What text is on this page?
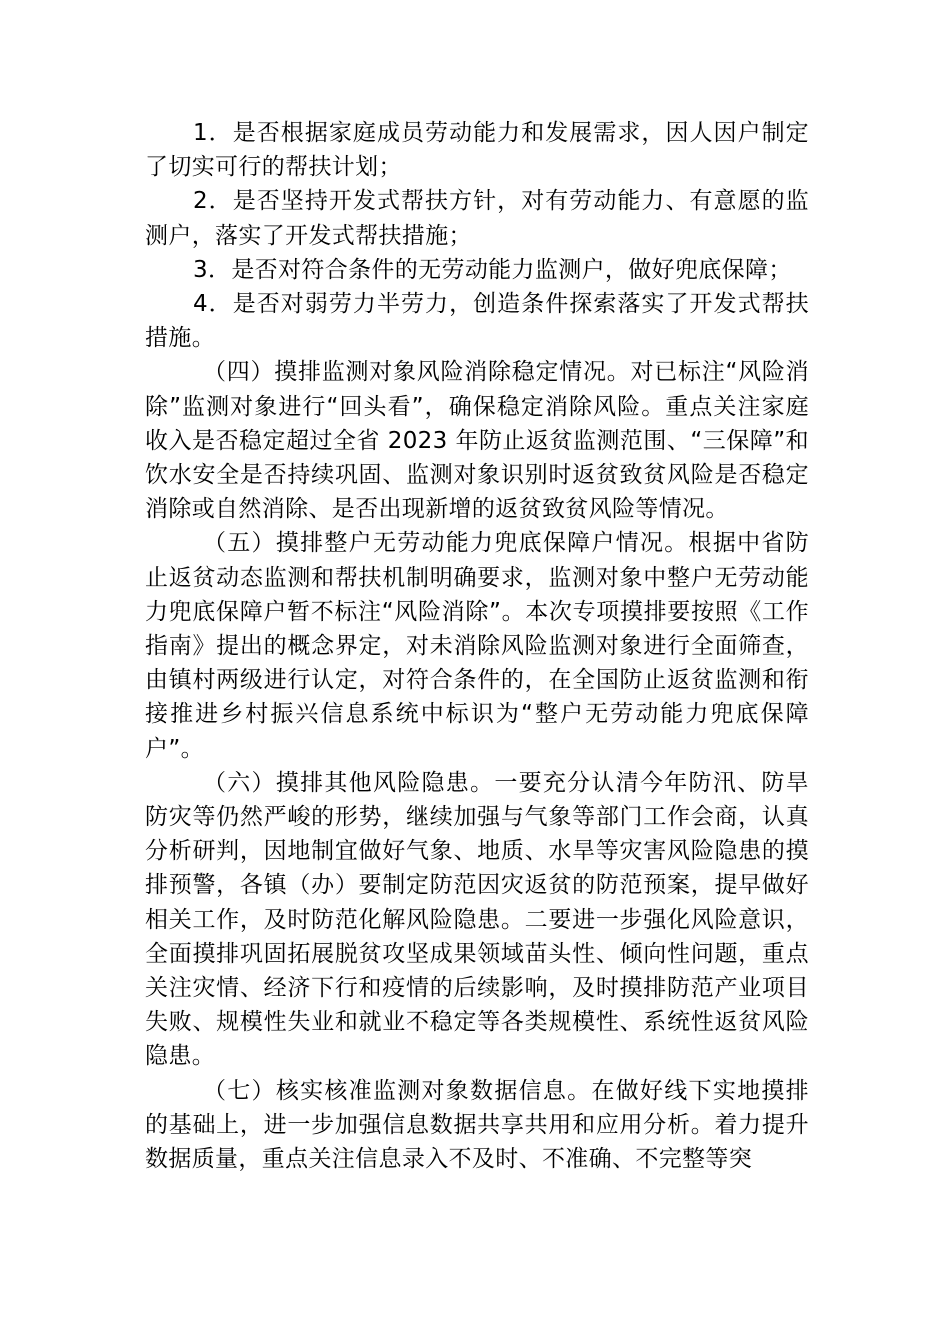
1．是否根据家庭成员劳动能力和发展需求，因人因户制定了切实可行的帮扶计划；

2．是否坚持开发式帮扶方针，对有劳动能力、有意愿的监测户，落实了开发式帮扶措施；

3．是否对符合条件的无劳动能力监测户，做好兜底保障；

4．是否对弱劳力半劳力，创造条件探索落实了开发式帮扶措施。

（四）摸排监测对象风险消除稳定情况。对已标注“风险消除”监测对象进行“回头看”，确保稳定消除风险。重点关注家庭收入是否稳定超过全省 2023 年防止返贫监测范围、“三保障”和饮水安全是否持续巩固、监测对象识别时返贫致贫风险是否稳定消除或自然消除、是否出现新增的返贫致贫风险等情况。

（五）摸排整户无劳动能力兜底保障户情况。根据中省防止返贫动态监测和帮扶机制明确要求，监测对象中整户无劳动能力兜底保障户暂不标注“风险消除”。本次专项摸排要按照《工作指南》提出的概念界定，对未消除风险监测对象进行全面筛查，由镇村两级进行认定，对符合条件的，在全国防止返贫监测和衔接推进乡村振兴信息系统中标识为“整户无劳动能力兜底保障户”。

（六）摸排其他风险隐患。一要充分认清今年防汛、防旱防灾等仍然严峻的形势，继续加强与气象等部门工作会商，认真分析研判，因地制宜做好气象、地质、水旱等灾害风险隐患的摸排预警，各镇（办）要制定防范因灾返贫的防范预案，提早做好相关工作，及时防范化解风险隐患。二要进一步强化风险意识，全面摸排巩固拓展脱贫攻坚成果领域苗头性、倾向性问题，重点关注灾情、经济下行和疫情的后续影响，及时摸排防范产业项目失败、规模性失业和就业不稳定等各类规模性、系统性返贫风险隐患。

（七）核实核准监测对象数据信息。在做好线下实地摸排的基础上，进一步加强信息数据共享共用和应用分析。着力提升数据质量，重点关注信息录入不及时、不准确、不完整等突
